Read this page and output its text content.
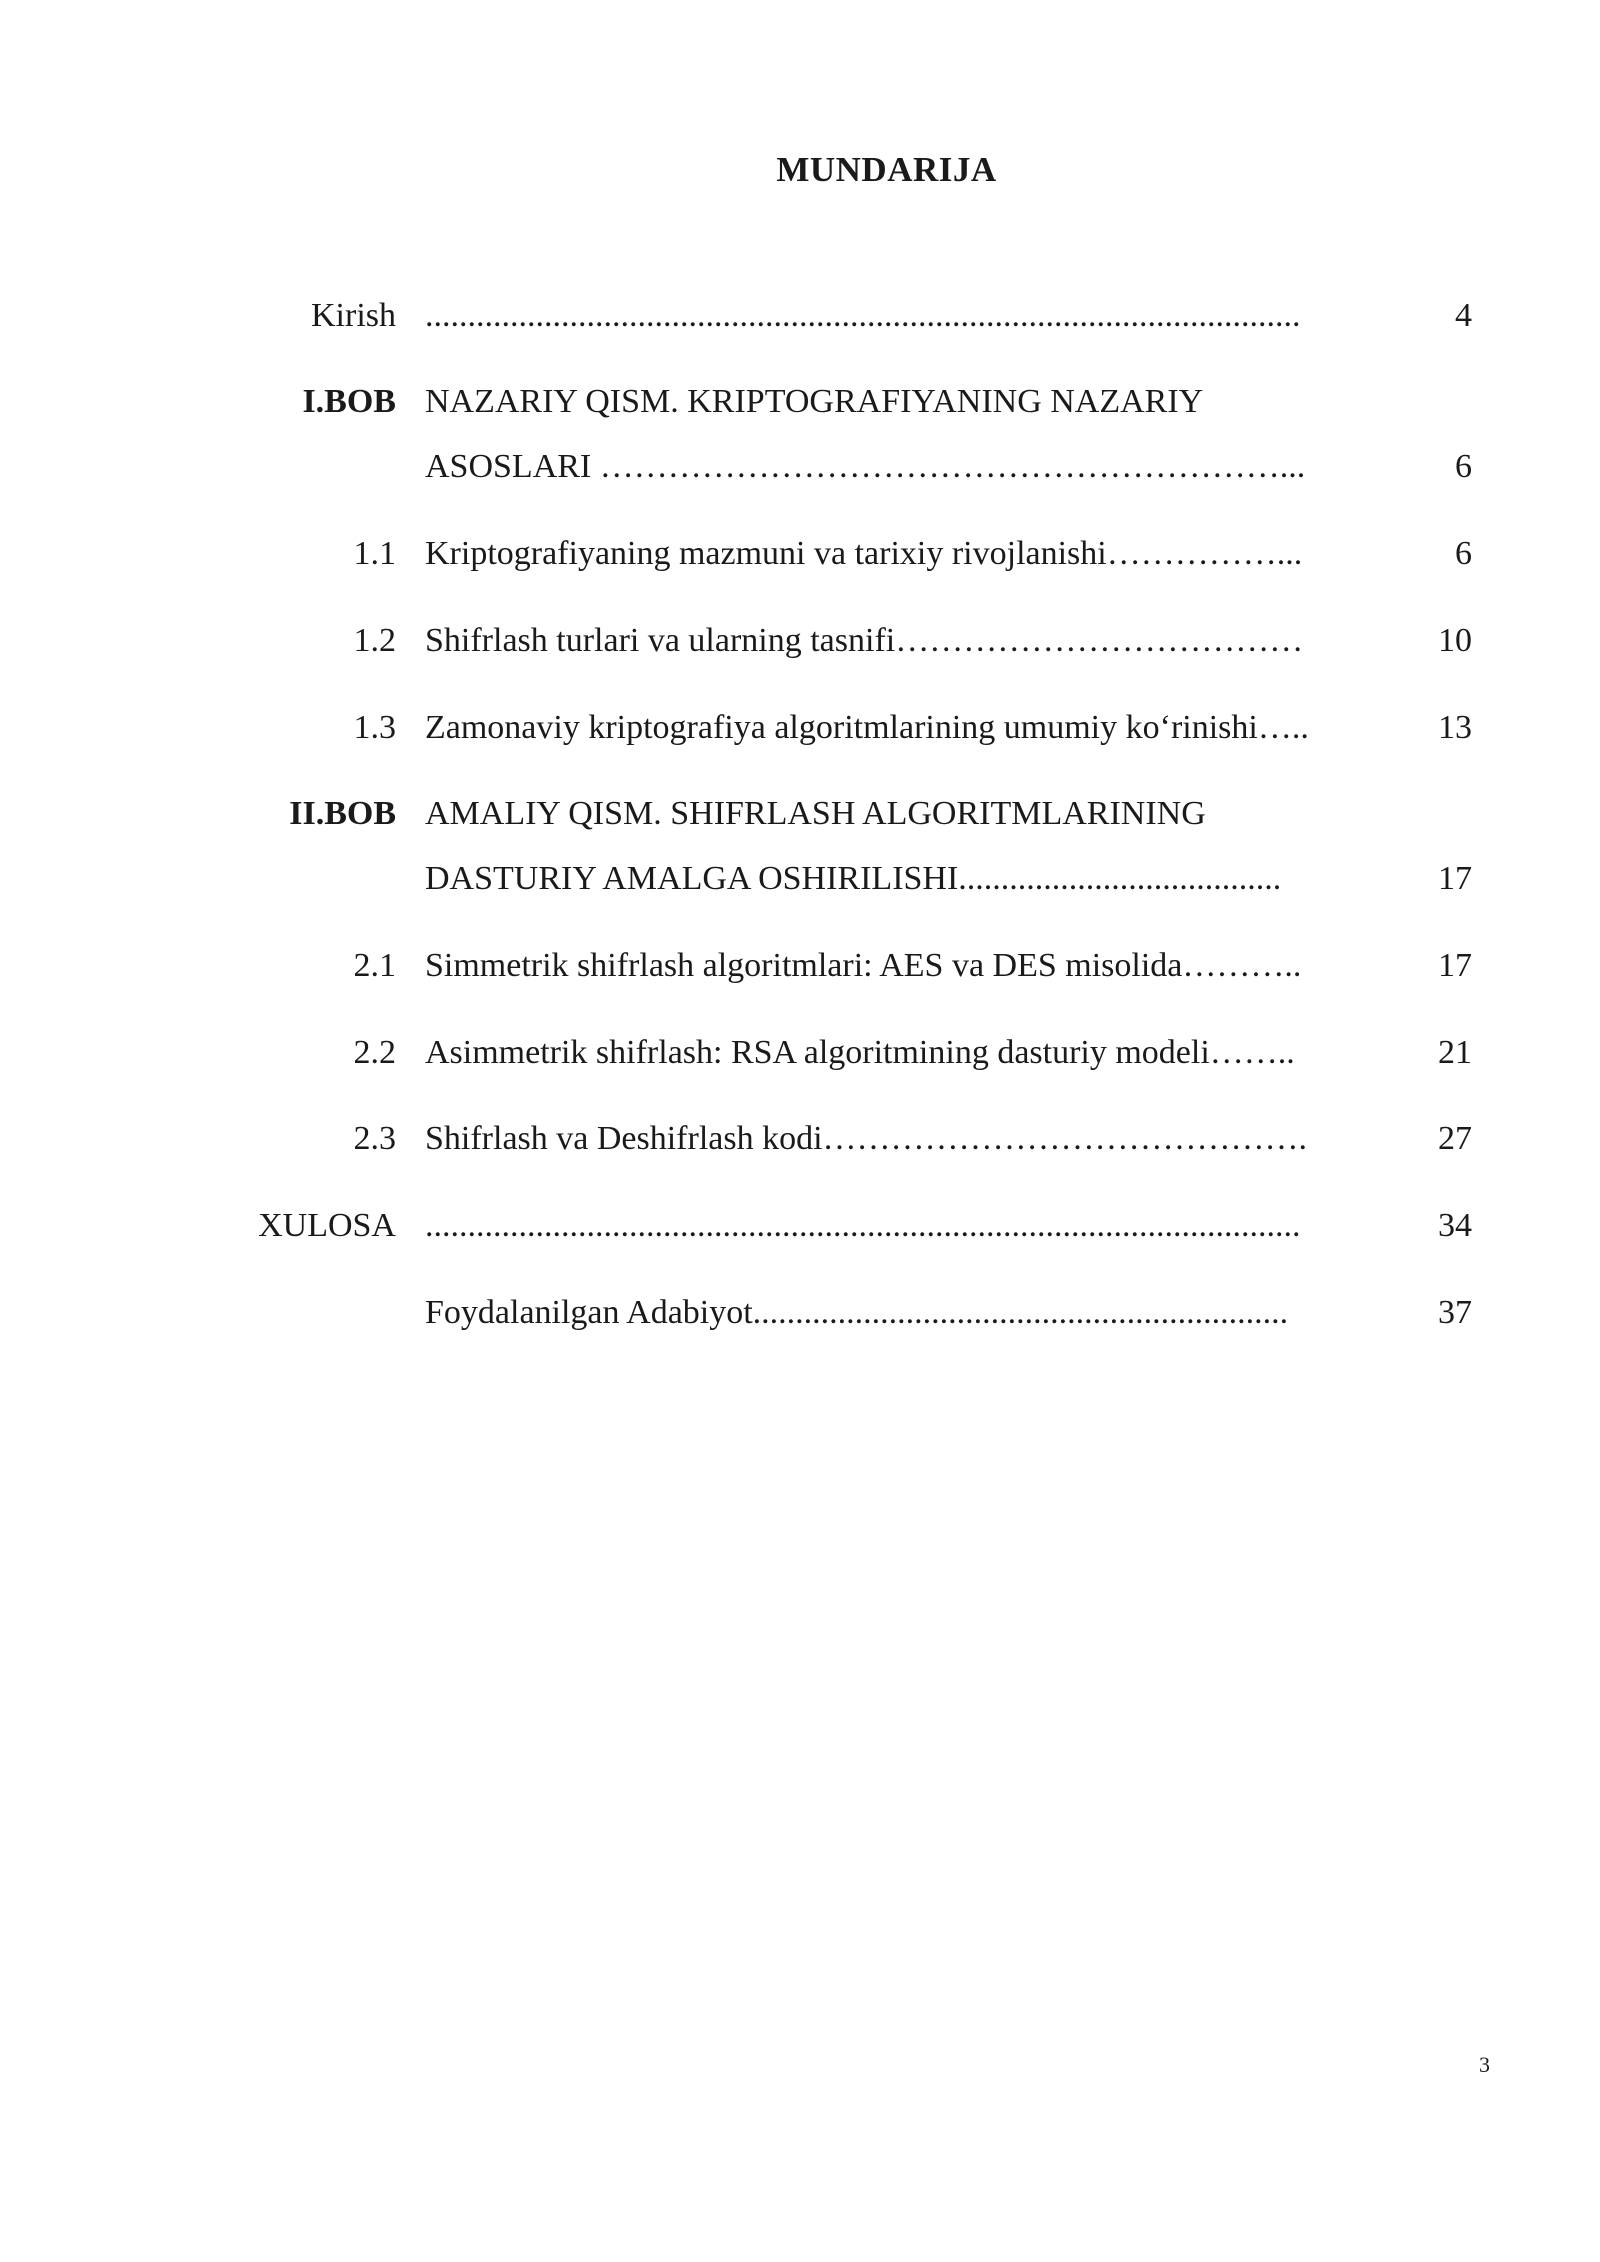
MUNDARIJA
Kirish .......................................................................................................	4
I.BOB NAZARIY QISM. KRIPTOGRAFIYANING NAZARIY
ASOSLARI ……………………………………………………...	6
1.1 Kriptografiyaning mazmuni va tarixiy rivojlanishi……………...	6
1.2 Shifrlash turlari va ularning tasnifi………………………………	10
1.3 Zamonaviy kriptografiya algoritmlarining umumiy ko‘rinishi…..	13
II.BOB AMALIY QISM. SHIFRLASH ALGORITMLARINING
DASTURIY AMALGA OSHIRILISHI......................................	17
2.1 Simmetrik shifrlash algoritmlari: AES va DES misolida………..	17
2.2 Asimmetrik shifrlash: RSA algoritmining dasturiy modeli……..	21
2.3 Shifrlash va Deshifrlash kodi…………………………………….	27
XULOSA .......................................................................................................	34
Foydalanilgan Adabiyot...............................................................	37
3
